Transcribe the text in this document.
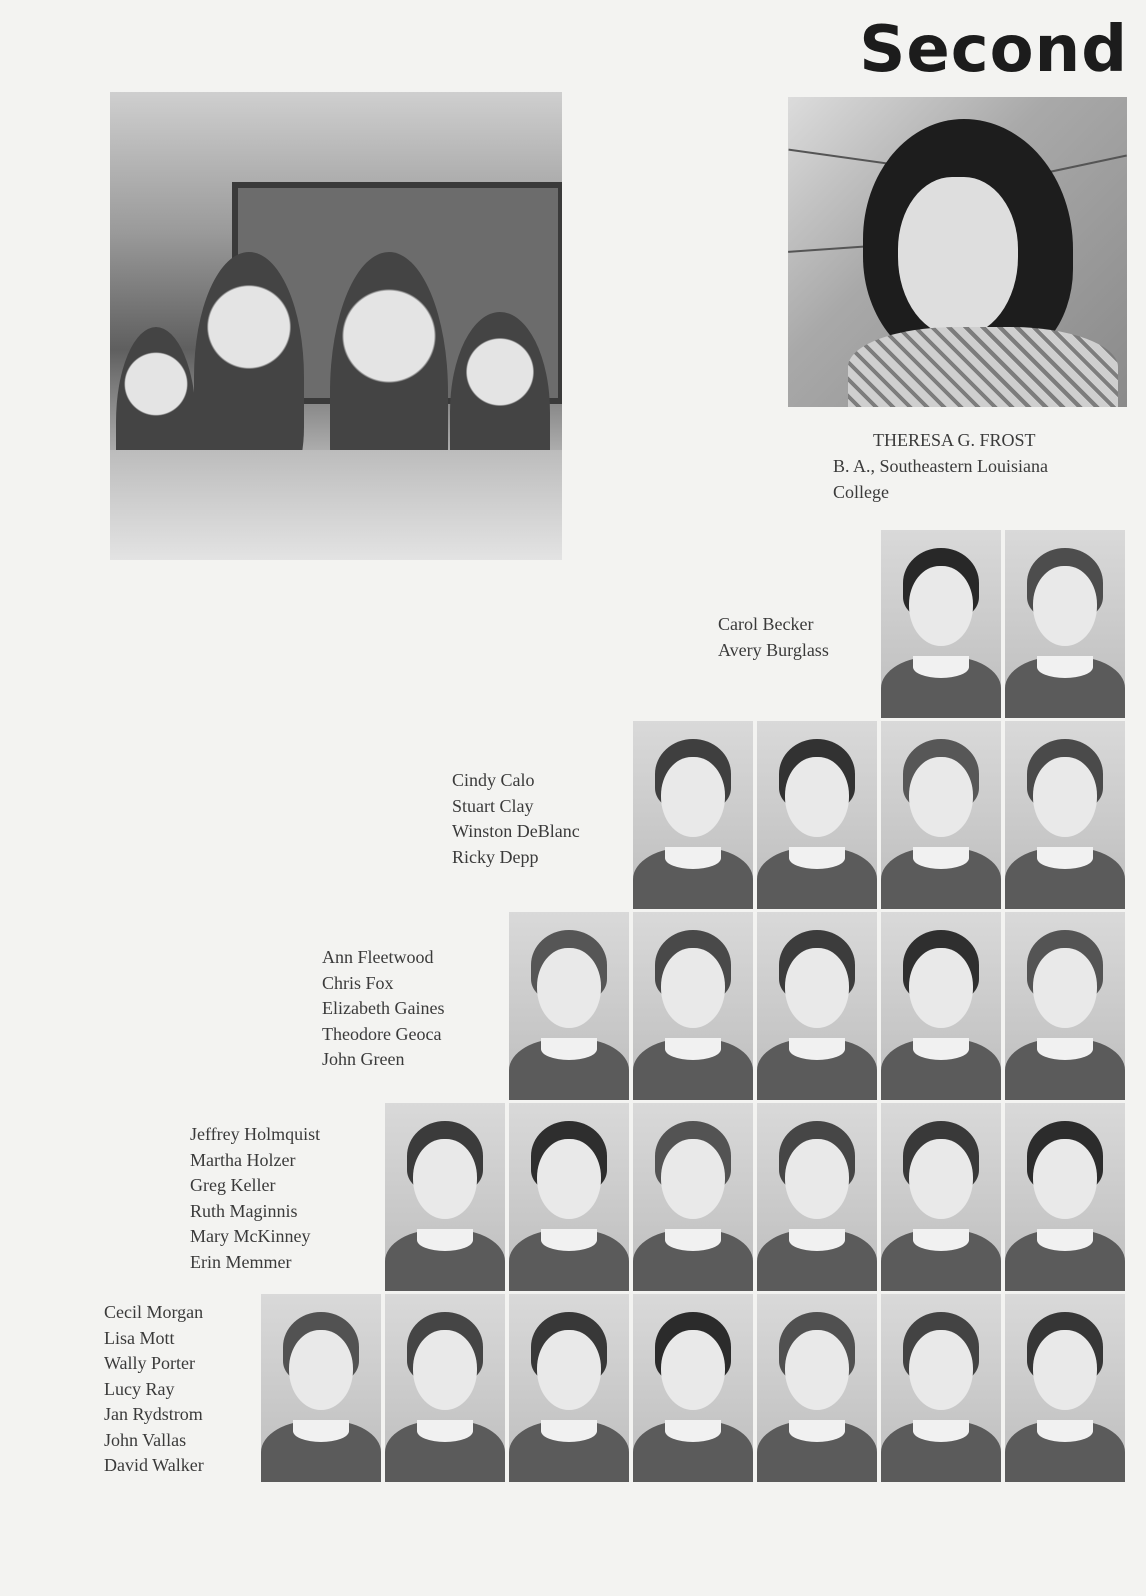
Second
THERESA G. FROST
B. A., Southeastern Louisiana
College
Carol Becker
Avery Burglass
Cindy Calo
Stuart Clay
Winston DeBlanc
Ricky Depp
Ann Fleetwood
Chris Fox
Elizabeth Gaines
Theodore Geoca
John Green
Jeffrey Holmquist
Martha Holzer
Greg Keller
Ruth Maginnis
Mary McKinney
Erin Memmer
Cecil Morgan
Lisa Mott
Wally Porter
Lucy Ray
Jan Rydstrom
John Vallas
David Walker
